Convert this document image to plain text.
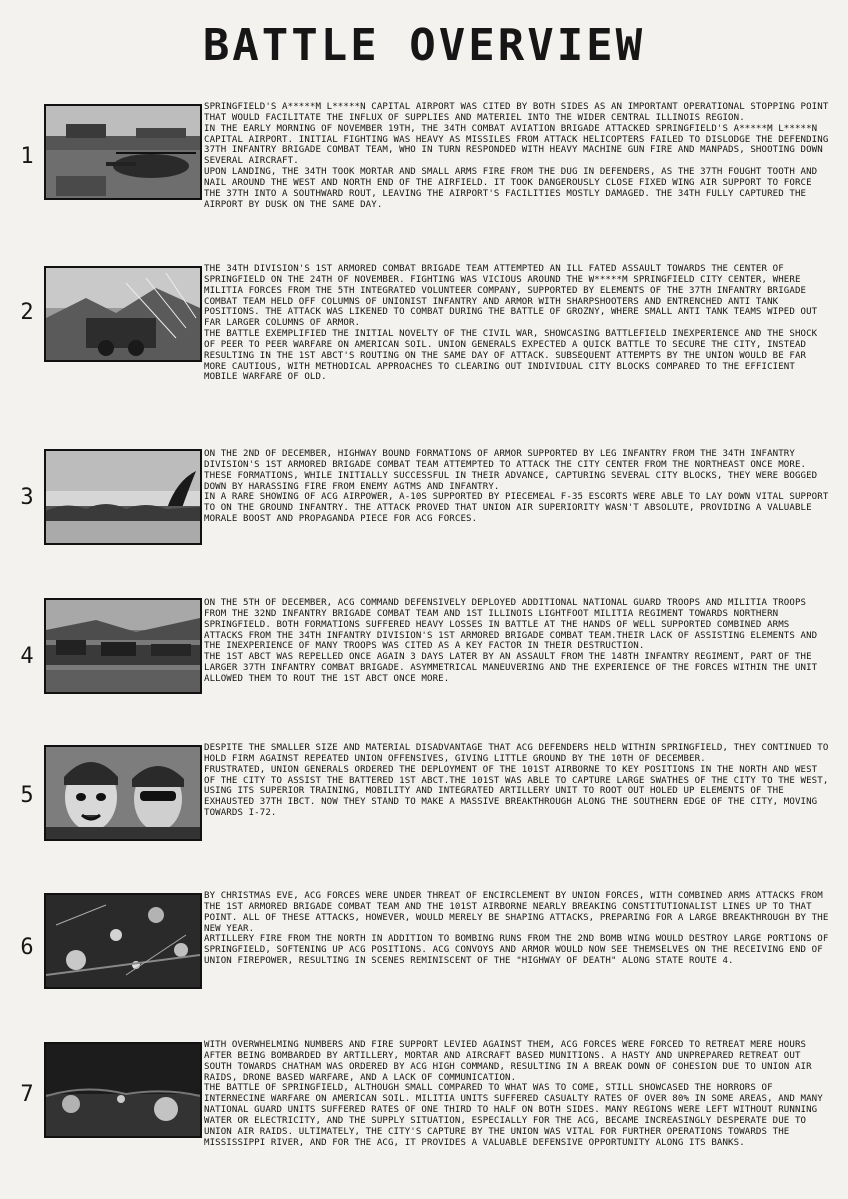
BATTLE OVERVIEW
1

SPRINGFIELD'S A*****M L*****N CAPITAL AIRPORT WAS CITED BY BOTH SIDES AS AN IMPORTANT OPERATIONAL STOPPING POINT THAT WOULD FACILITATE THE INFLUX OF SUPPLIES AND MATERIEL INTO THE WIDER CENTRAL ILLINOIS REGION.

IN THE EARLY MORNING OF NOVEMBER 19TH, THE 34TH COMBAT AVIATION BRIGADE ATTACKED SPRINGFIELD'S A*****M L*****N CAPITAL AIRPORT. INITIAL FIGHTING WAS HEAVY AS MISSILES FROM ATTACK HELICOPTERS FAILED TO DISLODGE THE DEFENDING 37TH INFANTRY BRIGADE COMBAT TEAM, WHO IN TURN RESPONDED WITH HEAVY MACHINE GUN FIRE AND MANPADS, SHOOTING DOWN SEVERAL AIRCRAFT.

UPON LANDING, THE 34TH TOOK MORTAR AND SMALL ARMS FIRE FROM THE DUG IN DEFENDERS, AS THE 37TH FOUGHT TOOTH AND NAIL AROUND THE WEST AND NORTH END OF THE AIRFIELD. IT TOOK DANGEROUSLY CLOSE FIXED WING AIR SUPPORT TO FORCE THE 37TH INTO A SOUTHWARD ROUT, LEAVING THE AIRPORT'S FACILITIES MOSTLY DAMAGED. THE 34TH FULLY CAPTURED THE AIRPORT BY DUSK ON THE SAME DAY.

2

THE 34TH DIVISION'S 1ST ARMORED COMBAT BRIGADE TEAM ATTEMPTED AN ILL FATED ASSAULT TOWARDS THE CENTER OF SPRINGFIELD ON THE 24TH OF NOVEMBER. FIGHTING WAS VICIOUS AROUND THE W*****M SPRINGFIELD CITY CENTER, WHERE MILITIA FORCES FROM THE 5TH INTEGRATED VOLUNTEER COMPANY, SUPPORTED BY ELEMENTS OF THE 37TH INFANTRY BRIGADE COMBAT TEAM HELD OFF COLUMNS OF UNIONIST INFANTRY AND ARMOR WITH SHARPSHOOTERS AND ENTRENCHED ANTI TANK POSITIONS. THE ATTACK WAS LIKENED TO COMBAT DURING THE BATTLE OF GROZNY, WHERE SMALL ANTI TANK TEAMS WIPED OUT FAR LARGER COLUMNS OF ARMOR.

THE BATTLE EXEMPLIFIED THE INITIAL NOVELTY OF THE CIVIL WAR, SHOWCASING BATTLEFIELD INEXPERIENCE AND THE SHOCK OF PEER TO PEER WARFARE ON AMERICAN SOIL. UNION GENERALS EXPECTED A QUICK BATTLE TO SECURE THE CITY, INSTEAD RESULTING IN THE 1ST ABCT'S ROUTING ON THE SAME DAY OF ATTACK. SUBSEQUENT ATTEMPTS BY THE UNION WOULD BE FAR MORE CAUTIOUS, WITH METHODICAL APPROACHES TO CLEARING OUT INDIVIDUAL CITY BLOCKS COMPARED TO THE EFFICIENT MOBILE WARFARE OF OLD.

3

ON THE 2ND OF DECEMBER, HIGHWAY BOUND FORMATIONS OF ARMOR SUPPORTED BY LEG INFANTRY FROM THE 34TH INFANTRY DIVISION'S 1ST ARMORED BRIGADE COMBAT TEAM ATTEMPTED TO ATTACK THE CITY CENTER FROM THE NORTHEAST ONCE MORE. THESE FORMATIONS, WHILE INITIALLY SUCCESSFUL IN THEIR ADVANCE, CAPTURING SEVERAL CITY BLOCKS, THEY WERE BOGGED DOWN BY HARASSING FIRE FROM ENEMY AGTMS AND INFANTRY.

IN A RARE SHOWING OF ACG AIRPOWER, A-10S SUPPORTED BY PIECEMEAL F-35 ESCORTS WERE ABLE TO LAY DOWN VITAL SUPPORT TO ON THE GROUND INFANTRY. THE ATTACK PROVED THAT UNION AIR SUPERIORITY WASN'T ABSOLUTE, PROVIDING A VALUABLE MORALE BOOST AND PROPAGANDA PIECE FOR ACG FORCES.

4

ON THE 5TH OF DECEMBER, ACG COMMAND DEFENSIVELY DEPLOYED ADDITIONAL NATIONAL GUARD TROOPS AND MILITIA TROOPS FROM THE 32ND INFANTRY BRIGADE COMBAT TEAM AND 1ST ILLINOIS LIGHTFOOT MILITIA REGIMENT TOWARDS NORTHERN SPRINGFIELD. BOTH FORMATIONS SUFFERED HEAVY LOSSES IN BATTLE AT THE HANDS OF WELL SUPPORTED COMBINED ARMS ATTACKS FROM THE 34TH INFANTRY DIVISION'S 1ST ARMORED BRIGADE COMBAT TEAM.THEIR LACK OF ASSISTING ELEMENTS AND THE INEXPERIENCE OF MANY TROOPS WAS CITED AS A KEY FACTOR IN THEIR DESTRUCTION.

THE 1ST ABCT WAS REPELLED ONCE AGAIN 3 DAYS LATER BY AN ASSAULT FROM THE 148TH INFANTRY REGIMENT, PART OF THE LARGER 37TH INFANTRY COMBAT BRIGADE. ASYMMETRICAL MANEUVERING AND THE EXPERIENCE OF THE FORCES WITHIN THE UNIT ALLOWED THEM TO ROUT THE 1ST ABCT ONCE MORE.

5

DESPITE THE SMALLER SIZE AND MATERIAL DISADVANTAGE THAT ACG DEFENDERS HELD WITHIN SPRINGFIELD, THEY CONTINUED TO HOLD FIRM AGAINST REPEATED UNION OFFENSIVES, GIVING LITTLE GROUND BY THE 10TH OF DECEMBER.

FRUSTRATED, UNION GENERALS ORDERED THE DEPLOYMENT OF THE 101ST AIRBORNE TO KEY POSITIONS IN THE NORTH AND WEST OF THE CITY TO ASSIST THE BATTERED 1ST ABCT.THE 101ST WAS ABLE TO CAPTURE LARGE SWATHES OF THE CITY TO THE WEST, USING ITS SUPERIOR TRAINING, MOBILITY AND INTEGRATED ARTILLERY UNIT TO ROOT OUT HOLED UP ELEMENTS OF THE EXHAUSTED 37TH IBCT. NOW THEY STAND TO MAKE A MASSIVE BREAKTHROUGH ALONG THE SOUTHERN EDGE OF THE CITY, MOVING TOWARDS I-72.

6

BY CHRISTMAS EVE, ACG FORCES WERE UNDER THREAT OF ENCIRCLEMENT BY UNION FORCES, WITH COMBINED ARMS ATTACKS FROM THE 1ST ARMORED BRIGADE COMBAT TEAM AND THE 101ST AIRBORNE NEARLY BREAKING CONSTITUTIONALIST LINES UP TO THAT POINT. ALL OF THESE ATTACKS, HOWEVER, WOULD MERELY BE SHAPING ATTACKS, PREPARING FOR A LARGE BREAKTHROUGH BY THE NEW YEAR.

ARTILLERY FIRE FROM THE NORTH IN ADDITION TO BOMBING RUNS FROM THE 2ND BOMB WING WOULD DESTROY LARGE PORTIONS OF SPRINGFIELD, SOFTENING UP ACG POSITIONS. ACG CONVOYS AND ARMOR WOULD NOW SEE THEMSELVES ON THE RECEIVING END OF UNION FIREPOWER, RESULTING IN SCENES REMINISCENT OF THE "HIGHWAY OF DEATH" ALONG STATE ROUTE 4.

7

WITH OVERWHELMING NUMBERS AND FIRE SUPPORT LEVIED AGAINST THEM, ACG FORCES WERE FORCED TO RETREAT MERE HOURS AFTER BEING BOMBARDED BY ARTILLERY, MORTAR AND AIRCRAFT BASED MUNITIONS. A HASTY AND UNPREPARED RETREAT OUT SOUTH TOWARDS CHATHAM WAS ORDERED BY ACG HIGH COMMAND, RESULTING IN A BREAK DOWN OF COHESION DUE TO UNION AIR RAIDS, DRONE BASED WARFARE, AND A LACK OF COMMUNICATION.

THE BATTLE OF SPRINGFIELD, ALTHOUGH SMALL COMPARED TO WHAT WAS TO COME, STILL SHOWCASED THE HORRORS OF INTERNECINE WARFARE ON AMERICAN SOIL. MILITIA UNITS SUFFERED CASUALTY RATES OF OVER 80% IN SOME AREAS, AND MANY NATIONAL GUARD UNITS SUFFERED RATES OF ONE THIRD TO HALF ON BOTH SIDES. MANY REGIONS WERE LEFT WITHOUT RUNNING WATER OR ELECTRICITY, AND THE SUPPLY SITUATION, ESPECIALLY FOR THE ACG, BECAME INCREASINGLY DESPERATE DUE TO UNION AIR RAIDS. ULTIMATELY, THE CITY'S CAPTURE BY THE UNION WAS VITAL FOR FURTHER OPERATIONS TOWARDS THE MISSISSIPPI RIVER, AND FOR THE ACG, IT PROVIDES A VALUABLE DEFENSIVE OPPORTUNITY ALONG ITS BANKS.
